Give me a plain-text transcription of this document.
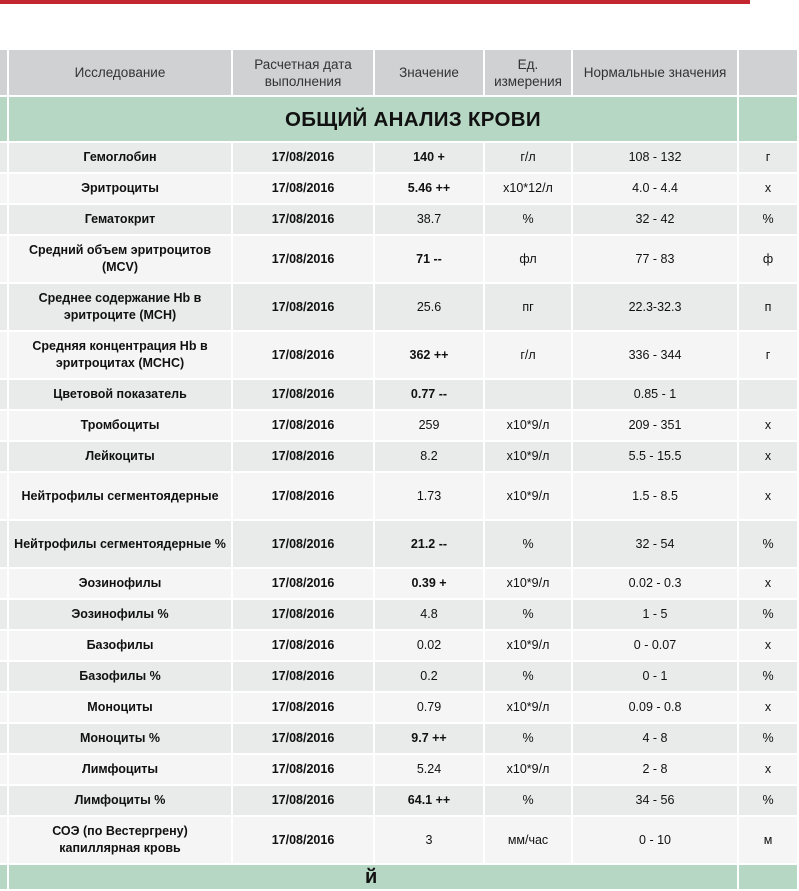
	Исследование	Расчетная дата выполнения	Значение	Ед. измерения	Нормальные значения	
	ОБЩИЙ АНАЛИЗ КРОВИ					
	Гемоглобин	17/08/2016	140 +	г/л	108 - 132	г
	Эритроциты	17/08/2016	5.46 ++	x10*12/л	4.0 - 4.4	х
	Гематокрит	17/08/2016	38.7	%	32 - 42	%
	Средний объем эритроцитов (MCV)	17/08/2016	71 --	фл	77 - 83	ф
	Среднее содержание Hb в эритроците (MCH)	17/08/2016	25.6	пг	22.3-32.3	п
	Средняя концентрация Hb в эритроцитах (MCHC)	17/08/2016	362 ++	г/л	336 - 344	г
	Цветовой показатель	17/08/2016	0.77 --		0.85 - 1	
	Тромбоциты	17/08/2016	259	x10*9/л	209 - 351	х
	Лейкоциты	17/08/2016	8.2	x10*9/л	5.5 - 15.5	х
	Нейтрофилы сегментоядерные	17/08/2016	1.73	x10*9/л	1.5 - 8.5	х
	Нейтрофилы сегментоядерные %	17/08/2016	21.2 --	%	32 - 54	%
	Эозинофилы	17/08/2016	0.39 +	x10*9/л	0.02 - 0.3	х
	Эозинофилы %	17/08/2016	4.8	%	1 - 5	%
	Базофилы	17/08/2016	0.02	x10*9/л	0 - 0.07	х
	Базофилы %	17/08/2016	0.2	%	0 - 1	%
	Моноциты	17/08/2016	0.79	x10*9/л	0.09 - 0.8	х
	Моноциты %	17/08/2016	9.7 ++	%	4 - 8	%
	Лимфоциты	17/08/2016	5.24	x10*9/л	2 - 8	х
	Лимфоциты %	17/08/2016	64.1 ++	%	34 - 56	%
	СОЭ (по Вестергрену) капиллярная кровь	17/08/2016	3	мм/час	0 - 10	м
	й					
